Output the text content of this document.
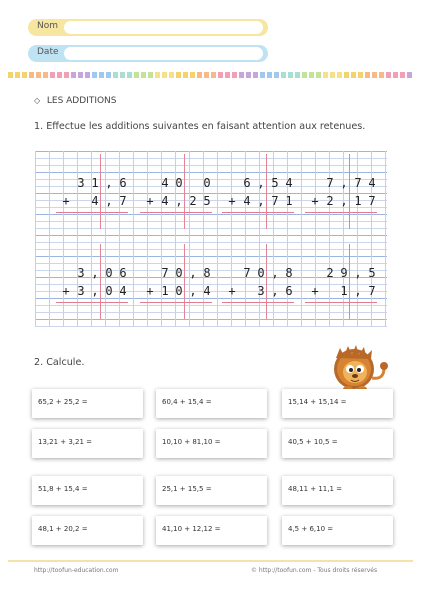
Nom
Date
◇ LES ADDITIONS
1. Effectue les additions suivantes en faisant attention aux retenues.
2. Calcule.
65,2 + 25,2 =	60,4 + 15,4 =	15,14 + 15,14 =
13,21 + 3,21 =	10,10 + 81,10 =	40,5 + 10,5 =
51,8 + 15,4 =	25,1 + 15,5 =	48,11 + 11,1 =
48,1 + 20,2 =	41,10 + 12,12 =	4,5 + 6,10 =
http://toofun-education.com	© http://toofun.com - Tous droits réservés
3 1 , 6
+ 4 , 7
4 0 0
+ 4 , 2 5
6 , 5 4
+ 4 , 7 1
7 , 7 4
+ 2 , 1 7
3 , 0 6
+ 3 , 0 4
7 0 , 8
+ 1 0 , 4
7 0 , 8
+ 3 , 6
2 9 , 5
+ 1 , 7
